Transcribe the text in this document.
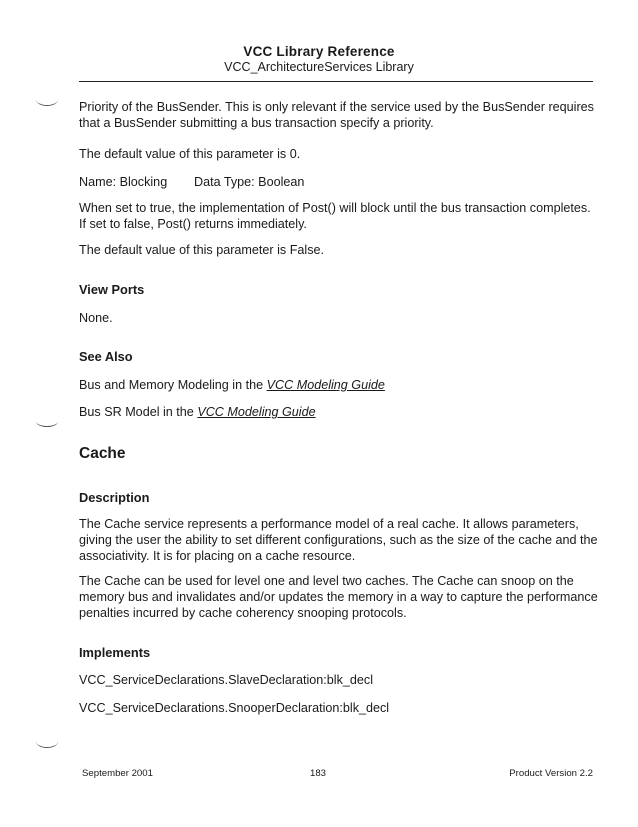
VCC Library Reference
VCC_ArchitectureServices Library
Priority of the BusSender. This is only relevant if the service used by the BusSender requires that a BusSender submitting a bus transaction specify a priority.
The default value of this parameter is 0.
Name: Blocking Data Type: Boolean
When set to true, the implementation of Post() will block until the bus transaction completes. If set to false, Post() returns immediately.
The default value of this parameter is False.
View Ports
None.
See Also
Bus and Memory Modeling in the VCC Modeling Guide
Bus SR Model in the VCC Modeling Guide
Cache
Description
The Cache service represents a performance model of a real cache. It allows parameters, giving the user the ability to set different configurations, such as the size of the cache and the associativity. It is for placing on a cache resource.
The Cache can be used for level one and level two caches. The Cache can snoop on the memory bus and invalidates and/or updates the memory in a way to capture the performance penalties incurred by cache coherency snooping protocols.
Implements
VCC_ServiceDeclarations.SlaveDeclaration:blk_decl
VCC_ServiceDeclarations.SnooperDeclaration:blk_decl
September 2001	183	Product Version 2.2
